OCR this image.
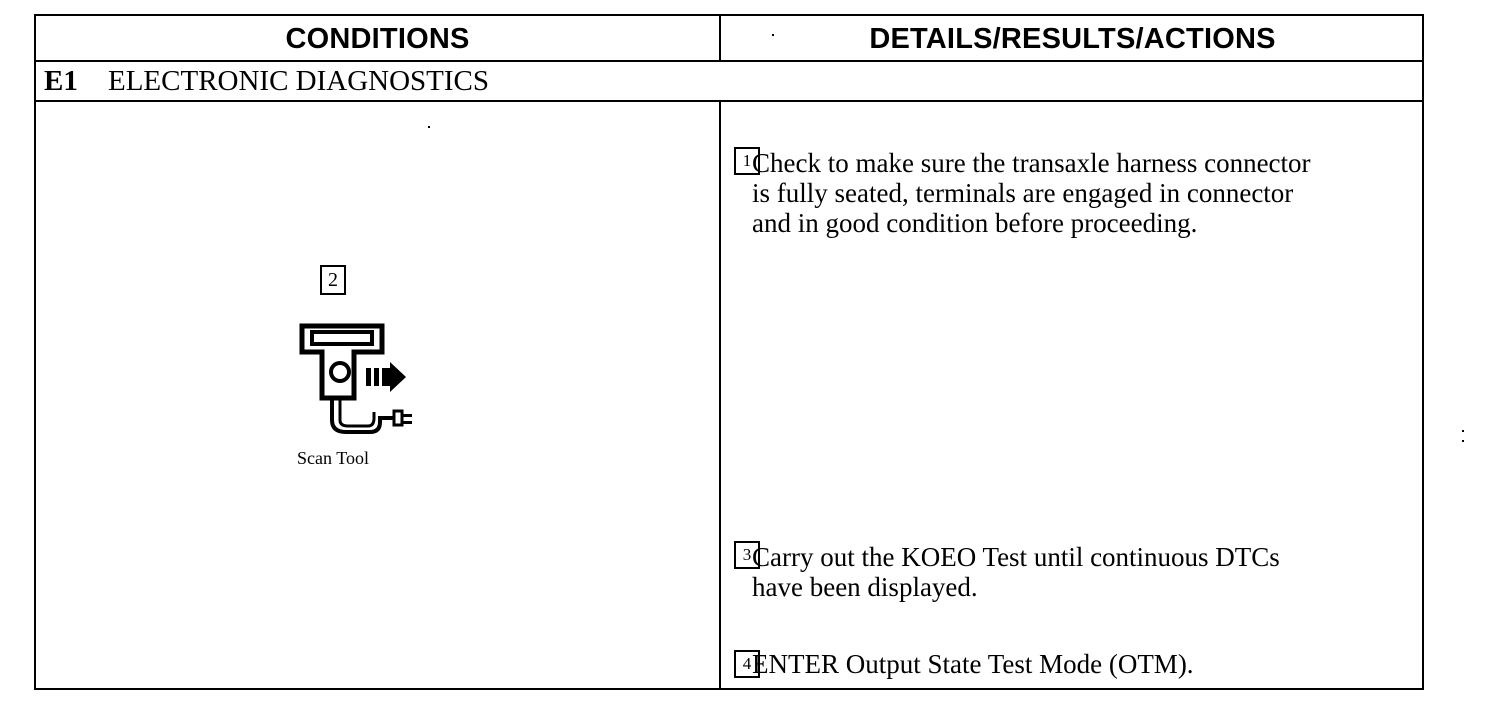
CONDITIONS	DETAILS/RESULTS/ACTIONS
E1	ELECTRONIC DIAGNOSTICS
2
Scan Tool
1 Check to make sure the transaxle harness connector
is fully seated, terminals are engaged in connector
and in good condition before proceeding.
3 Carry out the KOEO Test until continuous DTCs
have been displayed.
4 ENTER Output State Test Mode (OTM).
